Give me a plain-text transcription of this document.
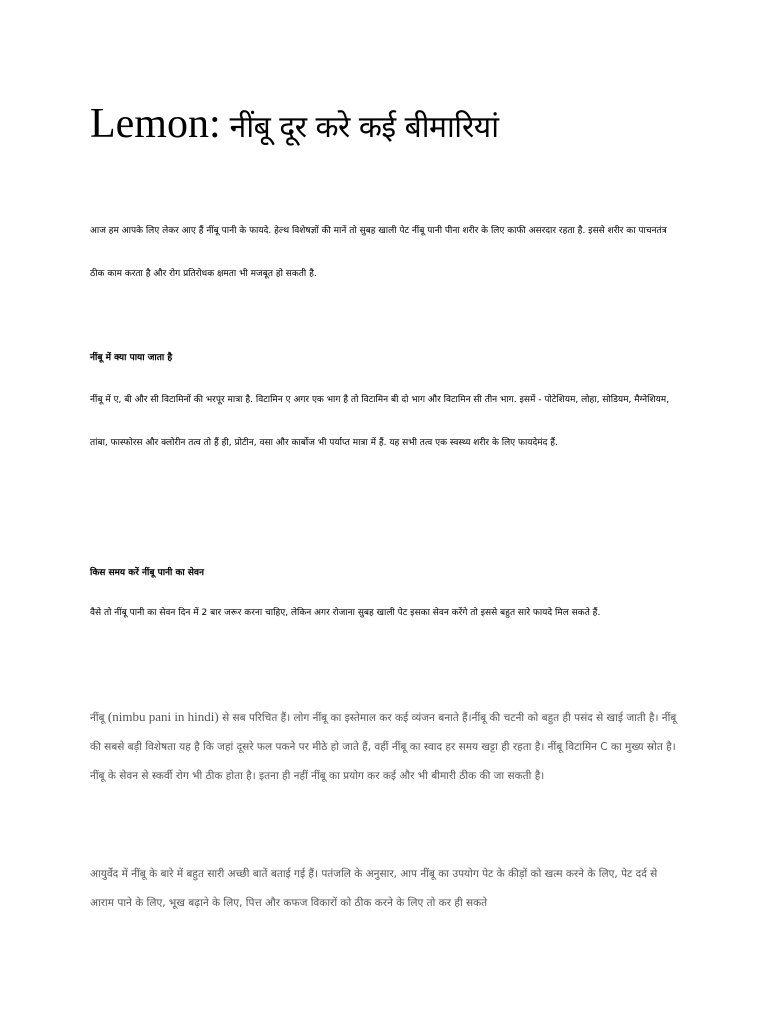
Lemon: नींबू दूर करे कई बीमारियां

आज हम आपके लिए लेकर आए हैं नींबू पानी के फायदे. हेल्थ विशेषज्ञों की मानें तो सुबह खाली पेट नींबू पानी पीना शरीर के लिए काफी असरदार रहता है. इससे शरीर का पाचनतंत्र ठीक काम करता है और रोग प्रतिरोधक क्षमता भी मजबूत हो सकती है.

नींबू में क्या पाया जाता है

नींबू में ए, बी और सी विटामिनों की भरपूर मात्रा है. विटामिन ए अगर एक भाग है तो विटामिन बी दो भाग और विटामिन सी तीन भाग. इसमें - पोटेशियम, लोहा, सोडियम, मैग्नेशियम, तांबा, फास्फोरस और क्लोरीन तत्व तो हैं ही, प्रोटीन, वसा और कार्बोज भी पर्याप्त मात्रा में हैं. यह सभी तत्व एक स्वस्थ्य शरीर के लिए फायदेमंद हैं.

किस समय करें नींबू पानी का सेवन

वैसे तो नींबू पानी का सेवन दिन में 2 बार जरूर करना चाहिए, लेकिन अगर रोजाना सुबह खाली पेट इसका सेवन करेंगे तो इससे बहुत सारे फायदे मिल सकते हैं.

नींबू (nimbu pani in hindi) से सब परिचित हैं। लोग नींबू का इस्तेमाल कर कई व्यंजन बनाते हैं।नींबू की चटनी को बहुत ही पसंद से खाई जाती है। नींबू की सबसे बड़ी विशेषता यह है कि जहां दूसरे फल पकने पर मीठे हो जाते हैं, वहीं नींबू का स्वाद हर समय खट्टा ही रहता है। नींबू विटामिन C का मुख्य स्रोत है। नींबू के सेवन से स्कर्वी रोग भी ठीक होता है। इतना ही नहीं नींबू का प्रयोग कर कई और भी बीमारी ठीक की जा सकती है।

आयुर्वेद में नींबू के बारे में बहुत सारी अच्छी बातें बताई गई हैं। पतंजलि के अनुसार, आप नींबू का उपयोग पेट के कीड़ों को खत्म करने के लिए, पेट दर्द से आराम पाने के लिए, भूख बढ़ाने के लिए, पित्त और कफज विकारों को ठीक करने के लिए तो कर ही सकते
